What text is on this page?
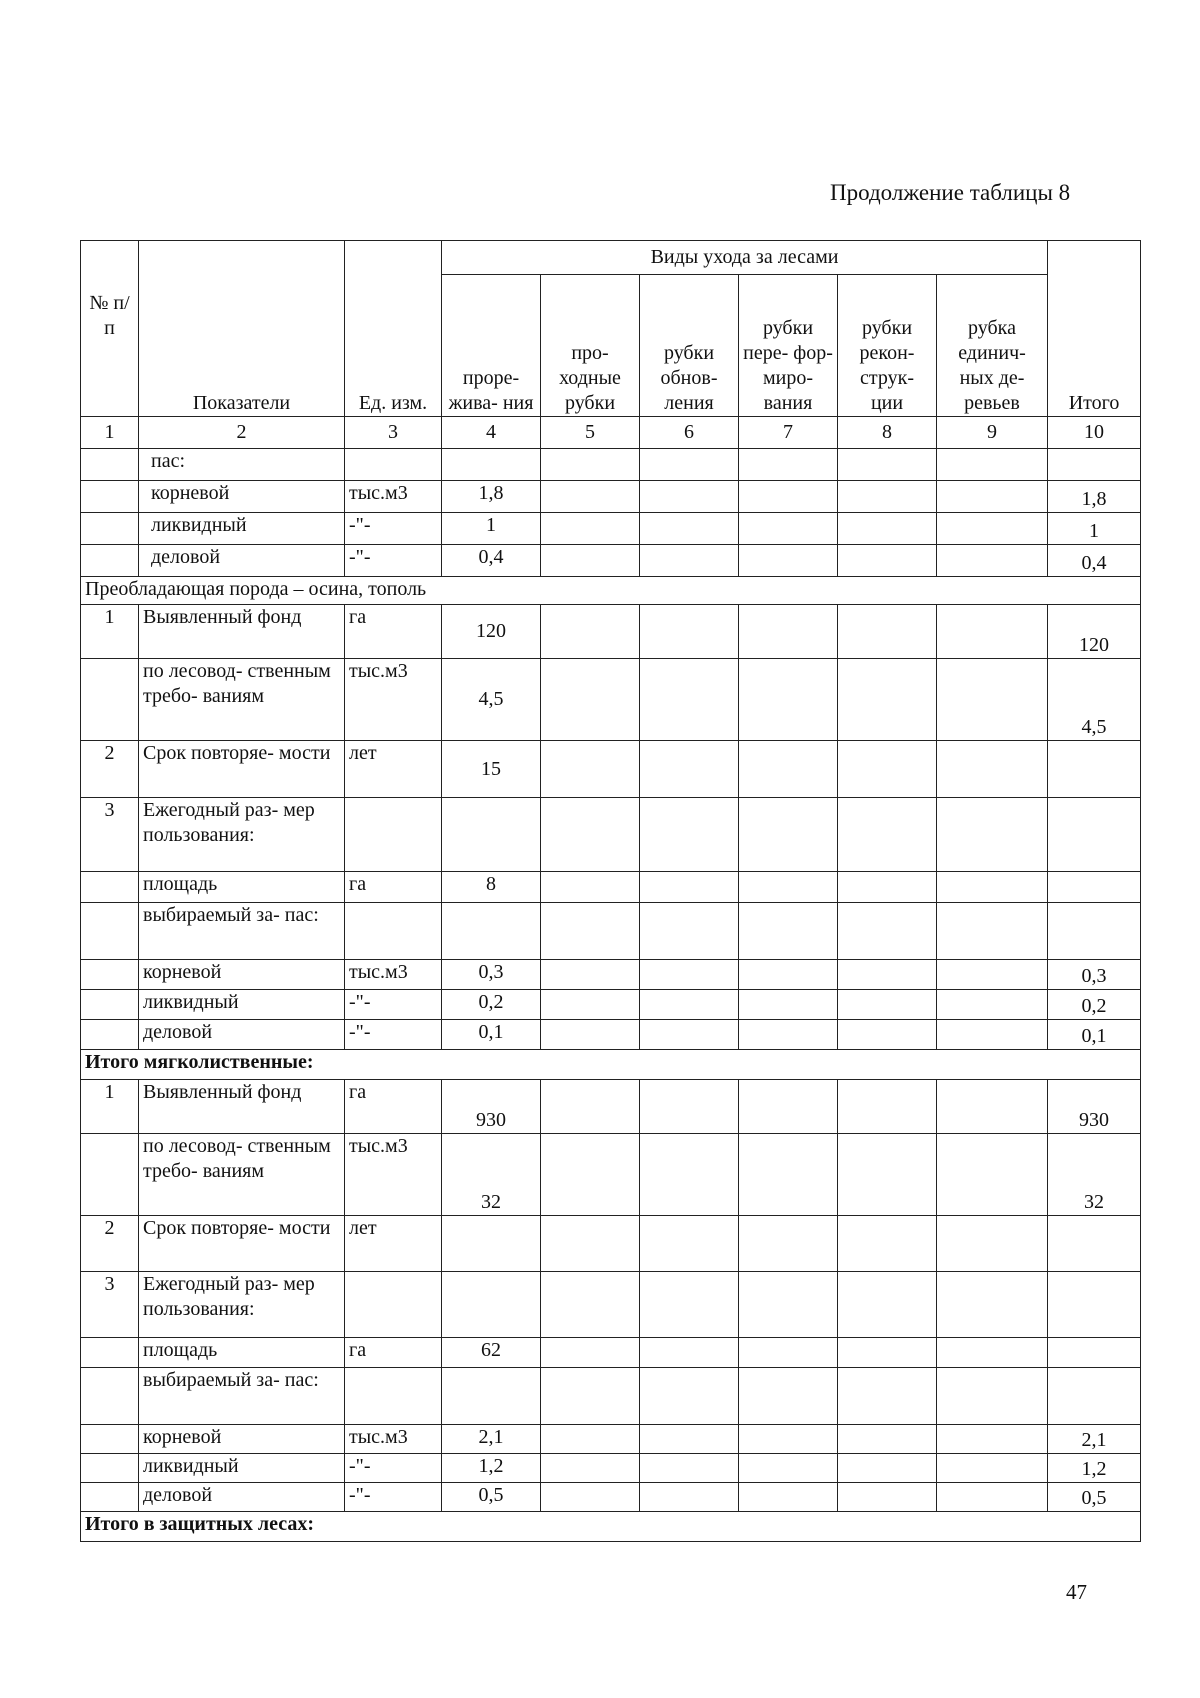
Продолжение таблицы 8
№ п/п	Показатели	Ед. изм.	Виды ухода за лесами						Итого
			проре- жива- ния	про- ходные рубки	рубки обнов- ления	рубки пере- фор- миро- вания	рубки рекон- струк- ции	рубка единич- ных де- ревьев	
1	2	3	4	5	6	7	8	9	10
	пас:								
	корневой	тыс.м3	1,8						1,8
	ликвидный	-"-	1						1
	деловой	-"-	0,4						0,4
Преобладающая порода – осина, тополь									
1	Выявленный фонд	га	120						120
	по лесовод- ственным требо- ваниям	тыс.м3	4,5						4,5
2	Срок повторяе- мости	лет	15						
3	Ежегодный раз- мер пользования:								
	площадь	га	8						
	выбираемый за- пас:								
	корневой	тыс.м3	0,3						0,3
	ликвидный	-"-	0,2						0,2
	деловой	-"-	0,1						0,1
Итого мягколиственные:									
1	Выявленный фонд	га	930						930
	по лесовод- ственным требо- ваниям	тыс.м3	32						32
2	Срок повторяе- мости	лет							
3	Ежегодный раз- мер пользования:								
	площадь	га	62						
	выбираемый за- пас:								
	корневой	тыс.м3	2,1						2,1
	ликвидный	-"-	1,2						1,2
	деловой	-"-	0,5						0,5
Итого в защитных лесах:									
47
